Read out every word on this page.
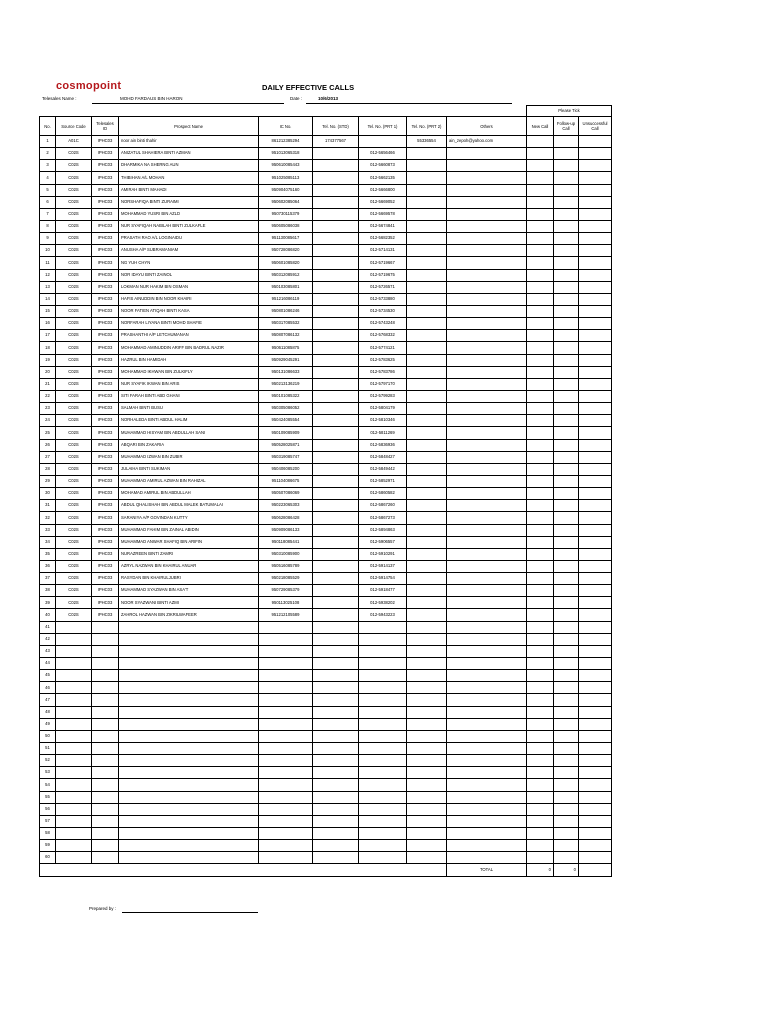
cosmopoint	DAILY EFFECTIVE CALLS
Telesales Name :	MOHD FARDAUS BIN HARON	Date :	10/6/2013
									Please Tick		
No.	Source Code	Telesales ID	Prospect Name	IC No.	Tel. No. (STD)	Tel. No. (PRT 1)	Tel. No. (PRT 2)	Others	New Call	Follow-up Call	Unsuccessful Call
1	A01C	IPHC03	noor ain binti thahir	861212385294	174377567		55336554	ain_zepoh@yahoo.com			
2	C02S	IPHC03	ANIZATUL SHAHIERA BINTI AZMAN	951013065318		012-5656466					
3	C02S	IPHC03	DHARMIKA NA SHERNG AUN	950610085443		012-5660873					
4	C02S	IPHC03	THIBIHAN A/L MOHAN	951025085113		012-5662135					
5	C02S	IPHC03	AMIRAH BINTI MAHADI	950904075160		012-5666800					
6	C02S	IPHC03	NORSHAFIQA BINTI ZURAIMI	950602085064		012-5669052					
7	C02S	IPHC03	MOHAMMAD YUSRI BIN AZLD	950730115379		012-5669578					
8	C02S	IPHC03	NUR SYAFIQAH NABILAH BINTI ZULKAFLE	950605086038		012-5674841					
9	C02S	IPHC03	PRASATH RAO A/L LOGINAIDU	951130085617		012-5682352					
10	C02S	IPHC03	ANUSHA A/P SUBRAMANIAM	950728086820		012-5714131					
11	C02S	IPHC03	NG YUH CHYN	950601085820		012-5719667					
12	C02S	IPHC03	NOR IDAYU BINTI ZAINOL	950312085912		012-5719675					
13	C02S	IPHC03	LOKMAN NUR HAKIM BIN OSMAN	950103085801		012-5726571					
14	C02S	IPHC03	HAFIS AINUDDIN BIN NOOR KHAIRI	951216086119		012-5733880					
15	C02S	IPHC03	NOOR FATIEN ATIQAH BINTI KASA	950801086246		012-5734530					
16	C02S	IPHC03	NORFARAH LIYANA BINTI MOHD SHAFIE	950317085532		012-5743248					
17	C02S	IPHC03	PRASHANTHI A/P LETCHUMANAN	950807086132		012-5768332					
18	C02S	IPHC03	MOHAMMAD AMINUDDIN ARIFF BIN BADRUL NAZIR	950611085875		012-5774121					
19	C02S	IPHC03	HAZRUL BIN HAMIDAH	950929045291		012-5783625					
20	C02S	IPHC03	MOHAMMAD IKHWAN BIN ZULKIFLY	950131086633		012-5783786					
21	C02S	IPHC03	NUR SYAFIK IKWAN BIN ARIS	950213136219		012-5797170					
22	C02S	IPHC03	SITI FARAH BINTI ABD GHANI	950101085322		012-5799283					
23	C02S	IPHC03	SALMAH BINTI BUSU	950305086052		012-5804179					
24	C02S	IPHC03	NORHALEDA BINTI ABDUL HALIM	950424085554		012-5810346					
25	C02S	IPHC03	MUHAMMAD HISYAM BIN ABDULLAH SANI	950109085909		012-5811269					
26	C02S	IPHC03	ABQARI BIN ZAKARIA	950528025871		012-5836936					
27	C02S	IPHC03	MUHAMMAD IZWAN BIN ZUBIR	950319085747		012-5848427					
28	C02S	IPHC03	JULAIHA BINTI SUKIMAN	950406085200		012-5849442					
29	C02S	IPHC03	MUHAMMAD AMIRUL AZWAN BIN RAHIZAL	951104086675		012-5852971					
30	C02S	IPHC03	MOHAMAD AMIRUL BIN ABDULLAH	950507086069		012-5860582					
31	C02S	IPHC03	ABDUL QHALISHAH BIN ABDUL MALEK BATUMALAI	950223065303		012-5867260					
32	C02S	IPHC03	SARANIYA A/P GOVINDAN KUTTY	950628086428		012-5867273					
33	C02S	IPHC03	MUHAMMAD FAHIM BIN ZAINAL ABIDIN	950909086133		012-5894863					
34	C02S	IPHC03	MUHAMMAD ANWAR SHAFIQ BIN ARIFIN	950118085441		012-5906557					
35	C02S	IPHC03	NURAZREEN BINTI ZAMRI	950310085900		012-5910291					
36	C02S	IPHC03	AZRYL NAZWAN BIN KHAIRUL ANUAR	950516085789		012-5914137					
37	C02S	IPHC03	RASYDAN BIN KHAIRULJUBRI	950218085529		012-5914754					
38	C02S	IPHC03	MUHAMMAD SYAZWAN BIN ASA'T	950729085379		012-5918477					
39	C02S	IPHC03	NOOR SYAZWANI BINTI AZMI	950113025108		012-5938202					
40	C02S	IPHC03	ZAHROL HAZWAN BIN ZIKRILWAFEER	951212105589		012-5943223					
41											
42											
43											
44											
45											
46											
47											
48											
49											
50											
51											
52											
53											
54											
55											
56											
57											
58											
59											
60											
								TOTAL	0	0	
Prepared by :
